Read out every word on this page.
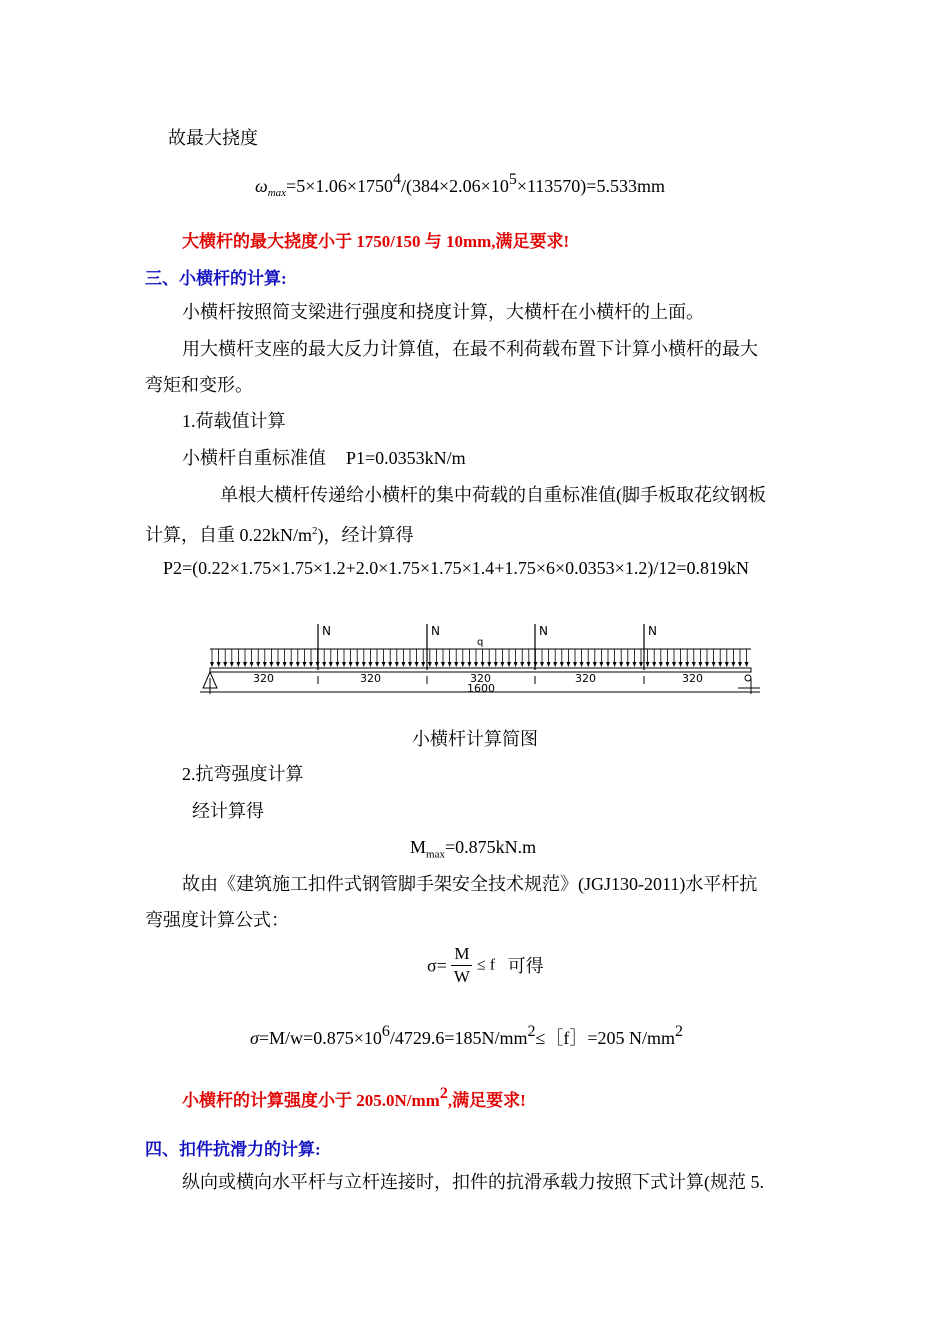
故最大挠度
$\omega_{max}=5\times 1.06\times 1750^4/(384\times 2.06\times 10^5\times 113570)=5.533mm$
大横杆的最大挠度小于 1750/150 与 10mm,满足要求!
三、小横杆的计算:
小横杆按照简支梁进行强度和挠度计算，大横杆在小横杆的上面。
用大横杆支座的最大反力计算值，在最不利荷载布置下计算小横杆的最大
弯矩和变形。
1.荷载值计算
小横杆自重标准值 P1=0.0353kN/m
单根大横杆传递给小横杆的集中荷载的自重标准值(脚手板取花纹钢板
计算，自重 $0.22kN/m^2$)，经计算得
P2=(0.22×1.75×1.75×1.2+2.0×1.75×1.75×1.4+1.75×6×0.0353×1.2)/12=0.819kN
N	N	N	N
q
320	320	320	320	320
1600
小横杆计算简图
2.抗弯强度计算
经计算得
$M_{max}=0.875kN.m$
故由《建筑施工扣件式钢管脚手架安全技术规范》(JGJ130-2011)水平杆抗
弯强度计算公式：
$\sigma= \frac{M}{W} \le f$ 可得
$\sigma=M/w=0.875\times 10^6/4729.6=185N/mm^2\le[f]=205$ $N/mm^2$
小横杆的计算强度小于 $205.0N/mm^2$,满足要求!
四、扣件抗滑力的计算:
纵向或横向水平杆与立杆连接时，扣件的抗滑承载力按照下式计算(规范 5.
